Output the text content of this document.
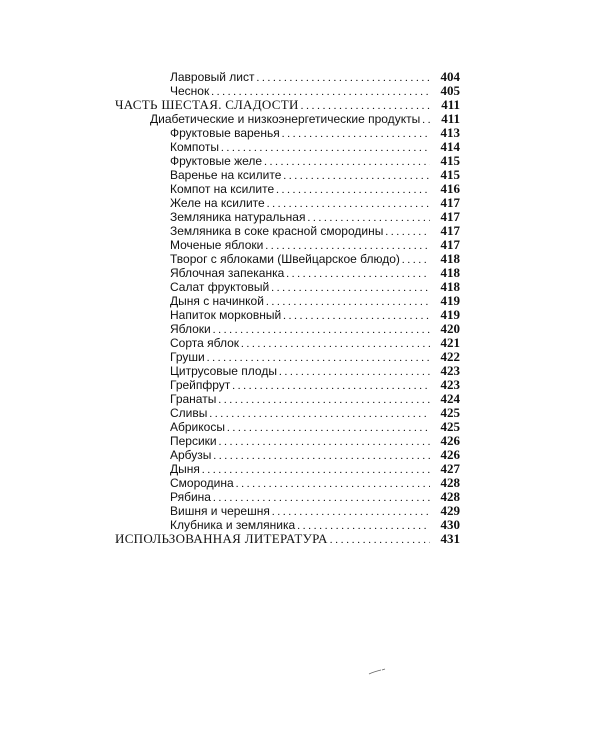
Лавровый лист . . .	404
Чеснок . . .	405
ЧАСТЬ ШЕСТАЯ. СЛАДОСТИ . . .	411
Диабетические и низкоэнергетические продукты . . .	411
Фруктовые варенья . . .	413
Компоты . . .	414
Фруктовые желе . . .	415
Варенье на ксилите . . .	415
Компот на ксилите . . .	416
Желе на ксилите . . .	417
Земляника натуральная . . .	417
Земляника в соке красной смородины . . .	417
Моченые яблоки . . .	417
Творог с яблоками (Швейцарское блюдо) . . .	418
Яблочная запеканка . . .	418
Салат фруктовый . . .	418
Дыня с начинкой . . .	419
Напиток морковный . . .	419
Яблоки . . .	420
Сорта яблок . . .	421
Груши . . .	422
Цитрусовые плоды . . .	423
Грейпфрут . . .	423
Гранаты . . .	424
Сливы . . .	425
Абрикосы . . .	425
Персики . . .	426
Арбузы . . .	426
Дыня . . .	427
Смородина . . .	428
Рябина . . .	428
Вишня и черешня . . .	429
Клубника и земляника . . .	430
ИСПОЛЬЗОВАННАЯ ЛИТЕРАТУРА . . .	431
